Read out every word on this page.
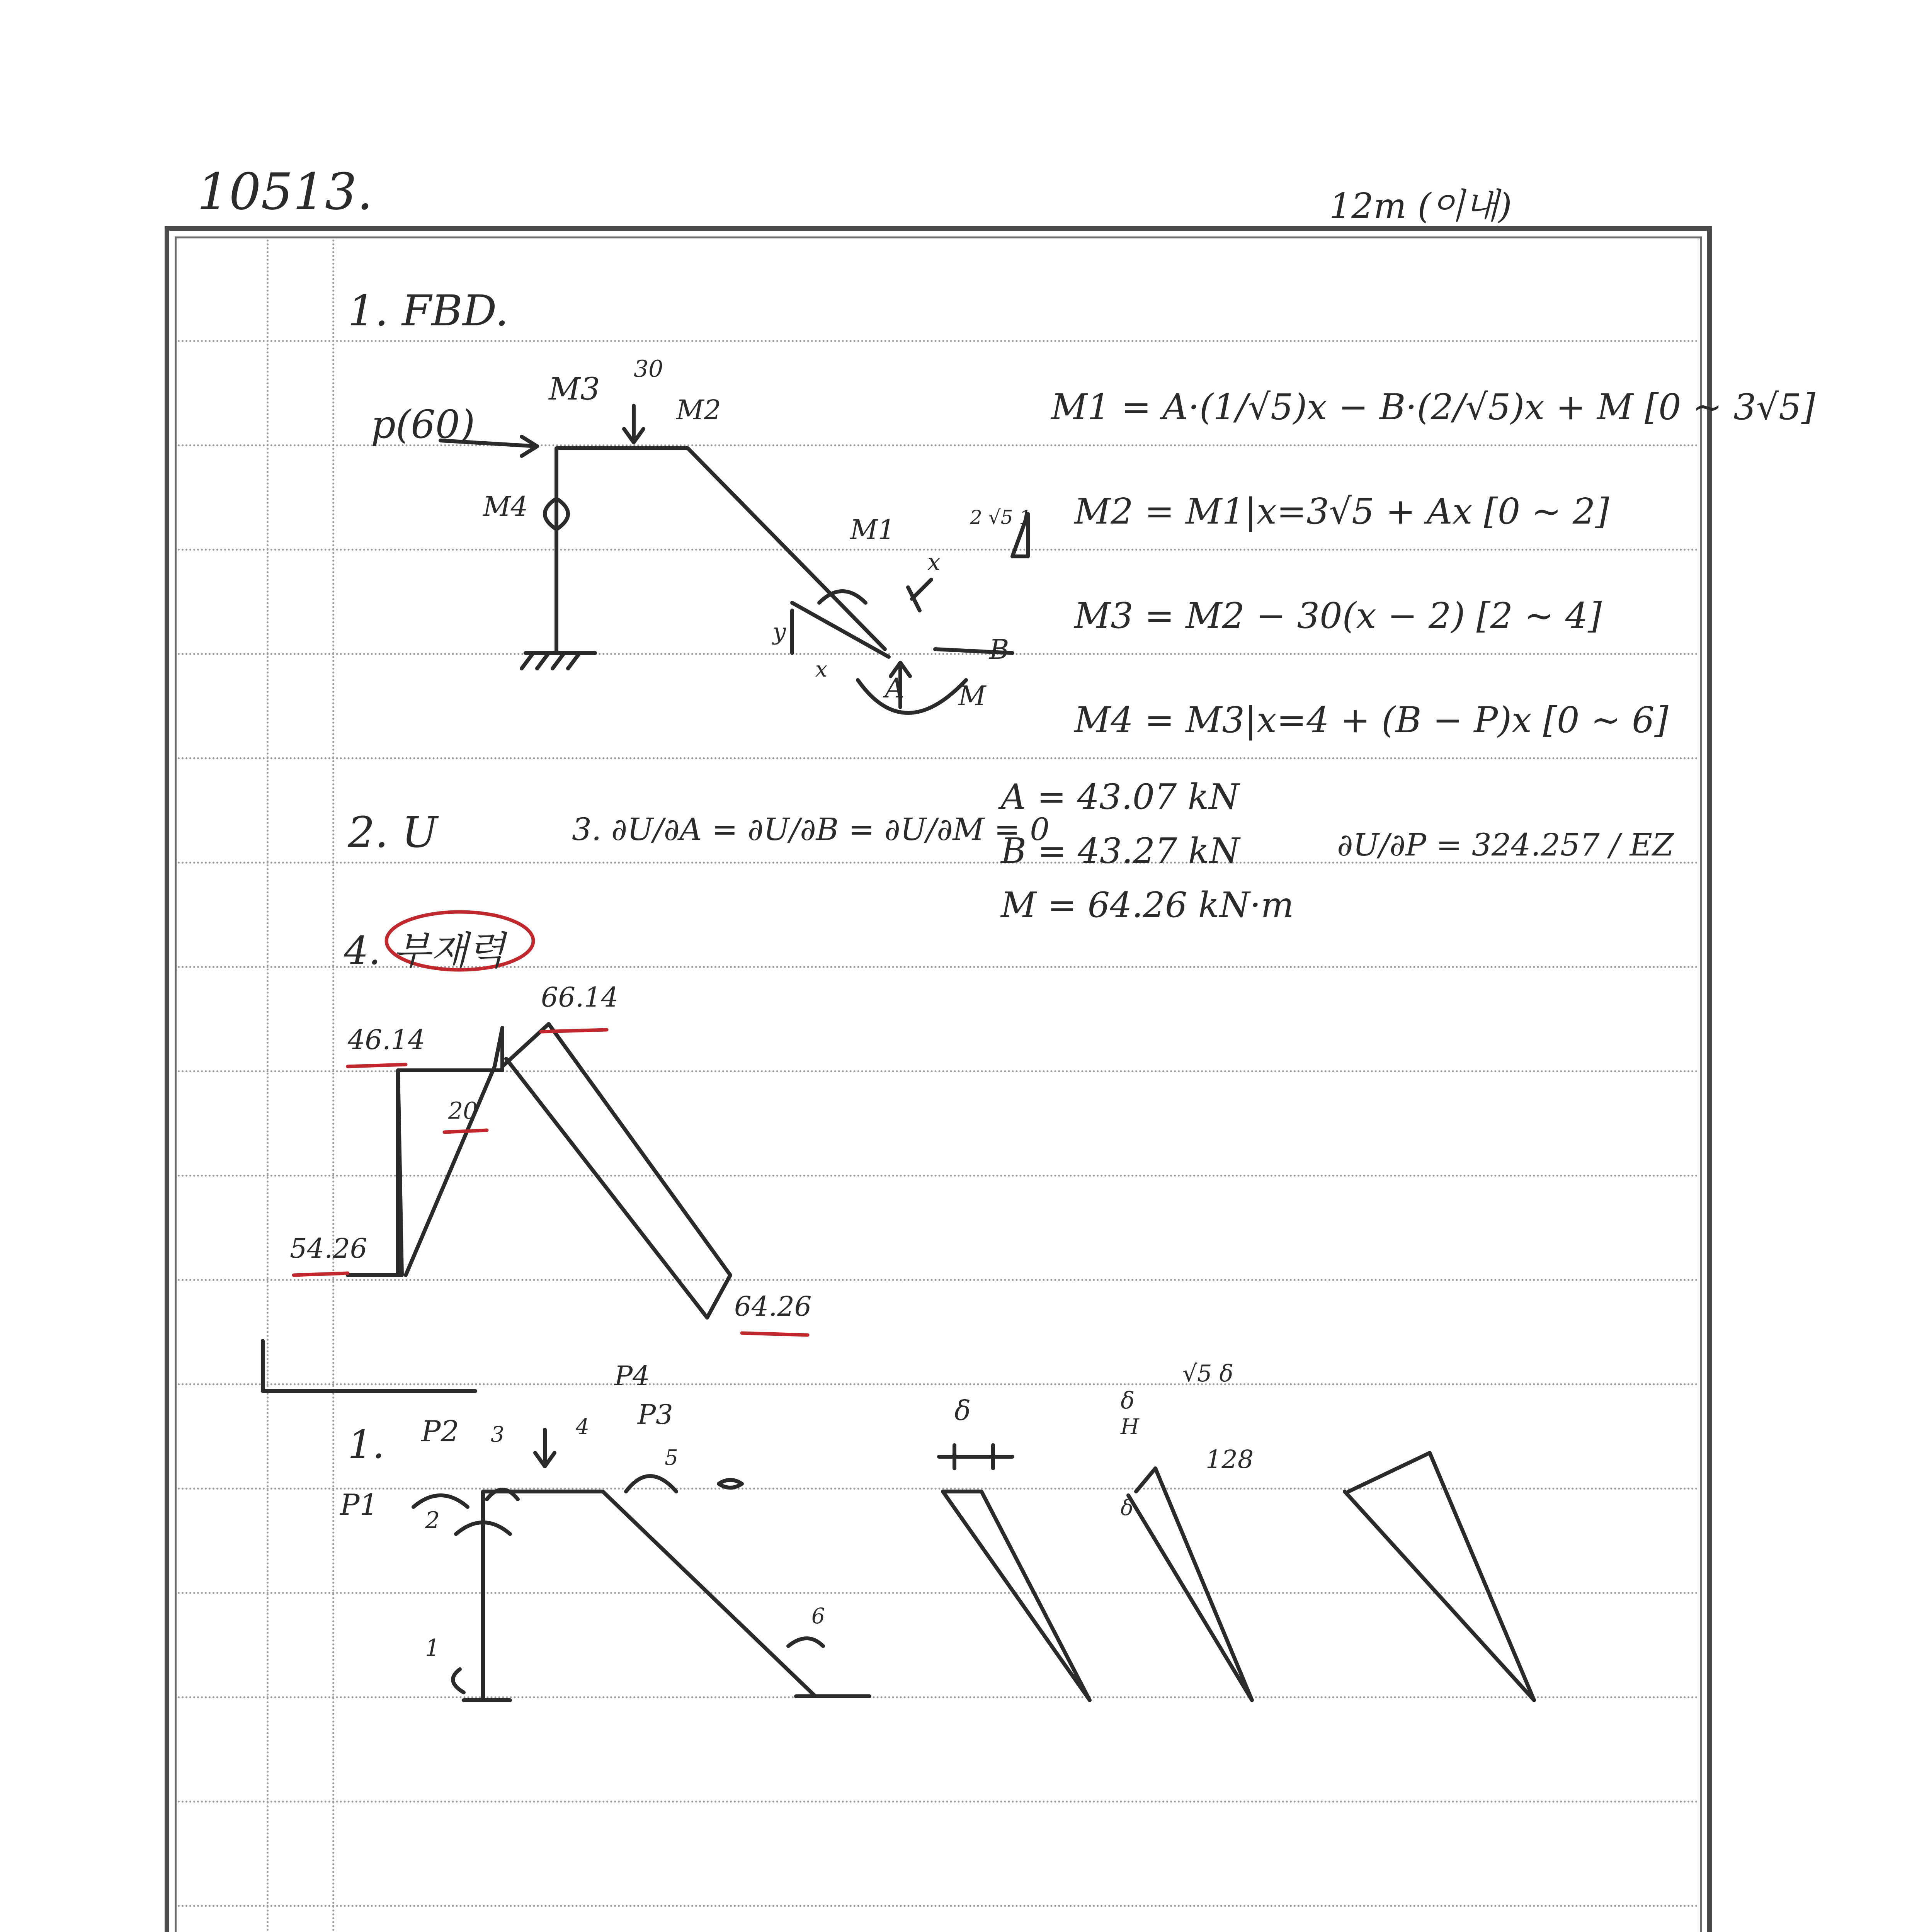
10513.	12m (이내)
1. FBD.
p(60)
M3
30
M2
M4
M1
x
y
x
A
B
M
2 √5 1
M1 = A·(1/√5)x − B·(2/√5)x + M [0 ~ 3√5]
M2 = M1|x=3√5 + Ax [0 ~ 2]
M3 = M2 − 30(x − 2) [2 ~ 4]
M4 = M3|x=4 + (B − P)x [0 ~ 6]
2. U	3. ∂U/∂A = ∂U/∂B = ∂U/∂M = 0
A = 43.07 kN
B = 43.27 kN
M = 64.26 kN·m
∂U/∂P = 324.257 / EZ
4. 부재력
66.14
46.14
20
54.26
64.26
1.
P1
P2	P3
P4
1
2
3	4
5
6
δ	δ
H
√5 δ
δ
128
